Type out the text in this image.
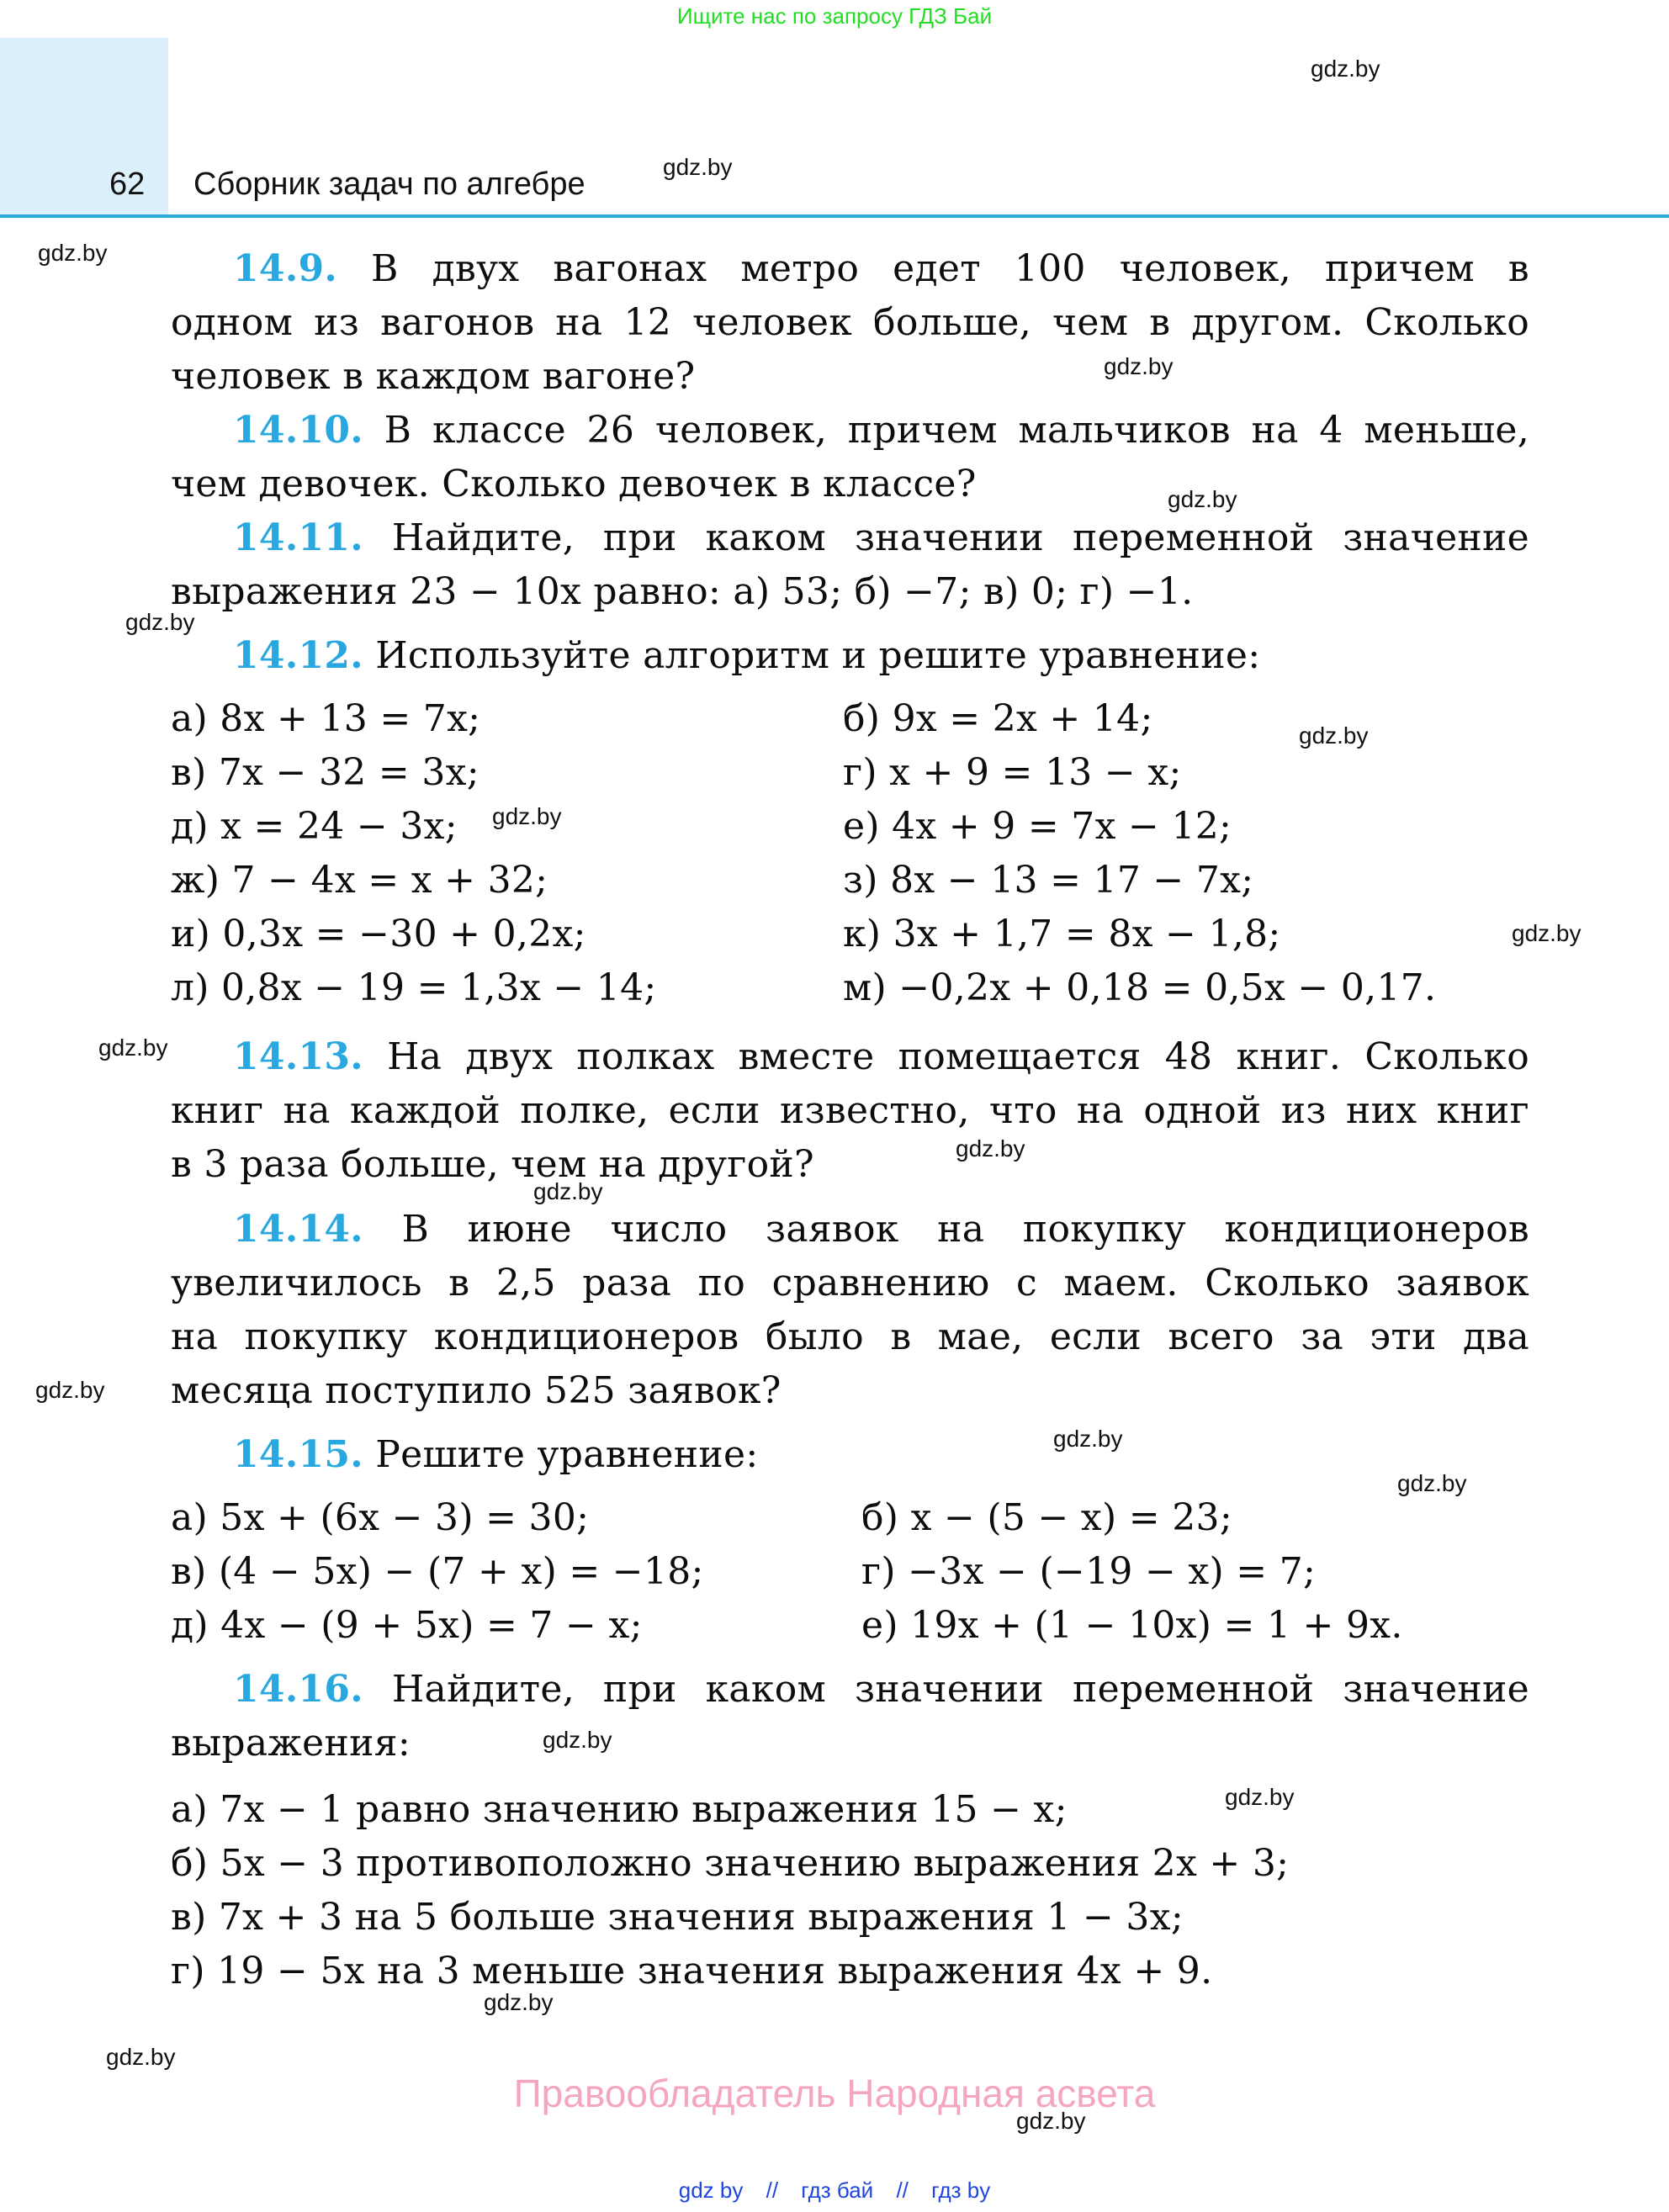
Ищите нас по запросу ГДЗ Бай
62 Сборник задач по алгебре
14.9. В двух вагонах метро едет 100 человек, причем в
одном из вагонов на 12 человек больше, чем в другом. Сколько
человек в каждом вагоне?
14.10. В классе 26 человек, причем мальчиков на 4 меньше,
чем девочек. Сколько девочек в классе?
14.11. Найдите, при каком значении переменной значение
выражения 23 − 10x равно: а) 53; б) −7; в) 0; г) −1.
14.12. Используйте алгоритм и решите уравнение:
а) 8x + 13 = 7x;	б) 9x = 2x + 14;
в) 7x − 32 = 3x;	г) x + 9 = 13 − x;
д) x = 24 − 3x;	е) 4x + 9 = 7x − 12;
ж) 7 − 4x = x + 32;	з) 8x − 13 = 17 − 7x;
и) 0,3x = −30 + 0,2x;	к) 3x + 1,7 = 8x − 1,8;
л) 0,8x − 19 = 1,3x − 14;	м) −0,2x + 0,18 = 0,5x − 0,17.
14.13. На двух полках вместе помещается 48 книг. Сколько
книг на каждой полке, если известно, что на одной из них книг
в 3 раза больше, чем на другой?
14.14. В июне число заявок на покупку кондиционеров
увеличилось в 2,5 раза по сравнению с маем. Сколько заявок
на покупку кондиционеров было в мае, если всего за эти два
месяца поступило 525 заявок?
14.15. Решите уравнение:
а) 5x + (6x − 3) = 30;	б) x − (5 − x) = 23;
в) (4 − 5x) − (7 + x) = −18;	г) −3x − (−19 − x) = 7;
д) 4x − (9 + 5x) = 7 − x;	е) 19x + (1 − 10x) = 1 + 9x.
14.16. Найдите, при каком значении переменной значение
выражения:
а) 7x − 1 равно значению выражения 15 − x;
б) 5x − 3 противоположно значению выражения 2x + 3;
в) 7x + 3 на 5 больше значения выражения 1 − 3x;
г) 19 − 5x на 3 меньше значения выражения 4x + 9.
gdz.by
gdz.by
gdz.by
gdz.by
gdz.by
gdz.by
gdz.by
gdz.by
gdz.by
gdz.by
gdz.by
gdz.by
gdz.by
gdz.by
gdz.by
gdz.by
gdz.by
gdz.by
gdz.by
gdz.by
Правообладатель Народная асвета
gdz by // гдз бай // гдз by
